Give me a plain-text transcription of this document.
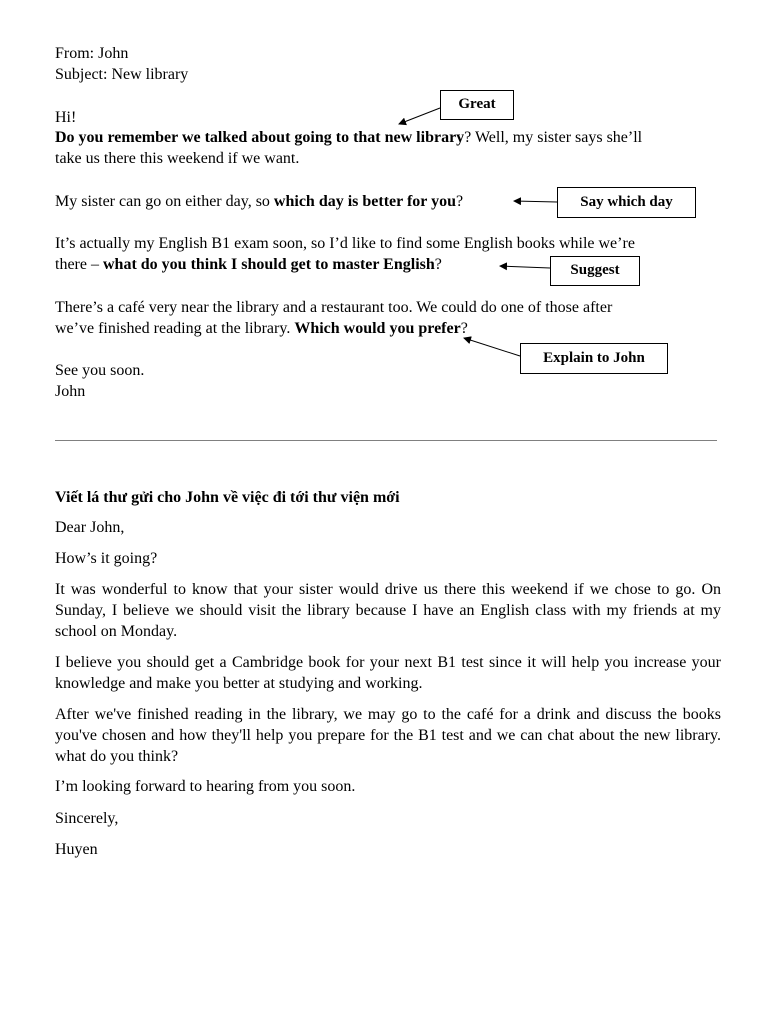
From: John
Subject: New library
Hi!
Do you remember we talked about going to that new library? Well, my sister says she’ll
take us there this weekend if we want.
My sister can go on either day, so which day is better for you?
It’s actually my English B1 exam soon, so I’d like to find some English books while we’re
there – what do you think I should get to master English?
There’s a café very near the library and a restaurant too. We could do one of those after
we’ve finished reading at the library. Which would you prefer?
See you soon.
John
Great
Say which day
Suggest
Explain to John
Viết lá thư gửi cho John về việc đi tới thư viện mới
Dear John,
How’s it going?
It was wonderful to know that your sister would drive us there this weekend if we chose to go. On Sunday, I believe we should visit the library because I have an English class with my friends at my school on Monday.
I believe you should get a Cambridge book for your next B1 test since it will help you increase your knowledge and make you better at studying and working.
After we've finished reading in the library, we may go to the café for a drink and discuss the books you've chosen and how they'll help you prepare for the B1 test and we can chat about the new library. what do you think?
I’m looking forward to hearing from you soon.
Sincerely,
Huyen
